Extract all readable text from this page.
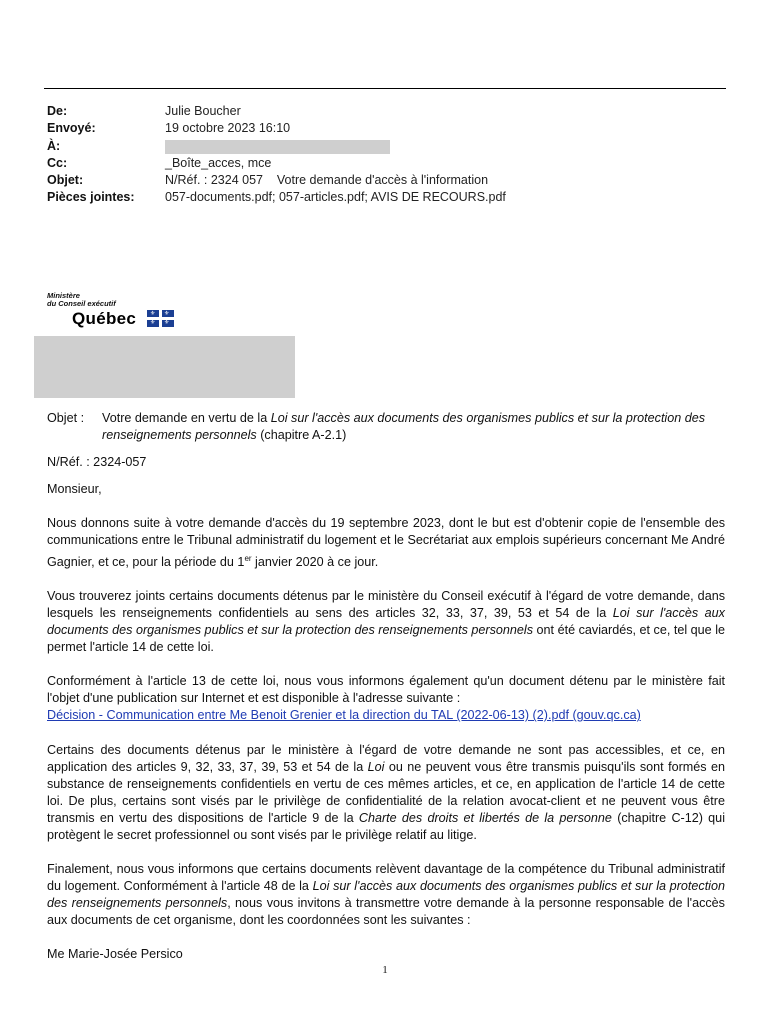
De:	Julie Boucher
Envoyé:	19 octobre 2023 16:10
À:
Cc:	_Boîte_acces, mce
Objet:	N/Réf. : 2324 057    Votre demande d'accès à l'information
Pièces jointes:	057-documents.pdf; 057-articles.pdf; AVIS DE RECOURS.pdf
Ministère
du Conseil exécutif
Québec ⚜ ⚜
⚜ ⚜
Objet :	Votre demande en vertu de la Loi sur l'accès aux documents des organismes publics et sur la protection des renseignements personnels (chapitre A-2.1)

N/Réf. : 2324-057

Monsieur,

Nous donnons suite à votre demande d'accès du 19 septembre 2023, dont le but est d'obtenir copie de l'ensemble des communications entre le Tribunal administratif du logement et le Secrétariat aux emplois supérieurs concernant Me André Gagnier, et ce, pour la période du 1er janvier 2020 à ce jour.

Vous trouverez joints certains documents détenus par le ministère du Conseil exécutif à l'égard de votre demande, dans lesquels les renseignements confidentiels au sens des articles 32, 33, 37, 39, 53 et 54 de la Loi sur l'accès aux documents des organismes publics et sur la protection des renseignements personnels ont été caviardés, et ce, tel que le permet l'article 14 de cette loi.

Conformément à l'article 13 de cette loi, nous vous informons également qu'un document détenu par le ministère fait l'objet d'une publication sur Internet et est disponible à l'adresse suivante :
Décision - Communication entre Me Benoit Grenier et la direction du TAL (2022-06-13) (2).pdf (gouv.qc.ca)

Certains des documents détenus par le ministère à l'égard de votre demande ne sont pas accessibles, et ce, en application des articles 9, 32, 33, 37, 39, 53 et 54 de la Loi ou ne peuvent vous être transmis puisqu'ils sont formés en substance de renseignements confidentiels en vertu de ces mêmes articles, et ce, en application de l'article 14 de cette loi. De plus, certains sont visés par le privilège de confidentialité de la relation avocat-client et ne peuvent vous être transmis en vertu des dispositions de l'article 9 de la Charte des droits et libertés de la personne (chapitre C-12) qui protègent le secret professionnel ou sont visés par le privilège relatif au litige.

Finalement, nous vous informons que certains documents relèvent davantage de la compétence du Tribunal administratif du logement. Conformément à l'article 48 de la Loi sur l'accès aux documents des organismes publics et sur la protection des renseignements personnels, nous vous invitons à transmettre votre demande à la personne responsable de l'accès aux documents de cet organisme, dont les coordonnées sont les suivantes :

Me Marie-Josée Persico

1
